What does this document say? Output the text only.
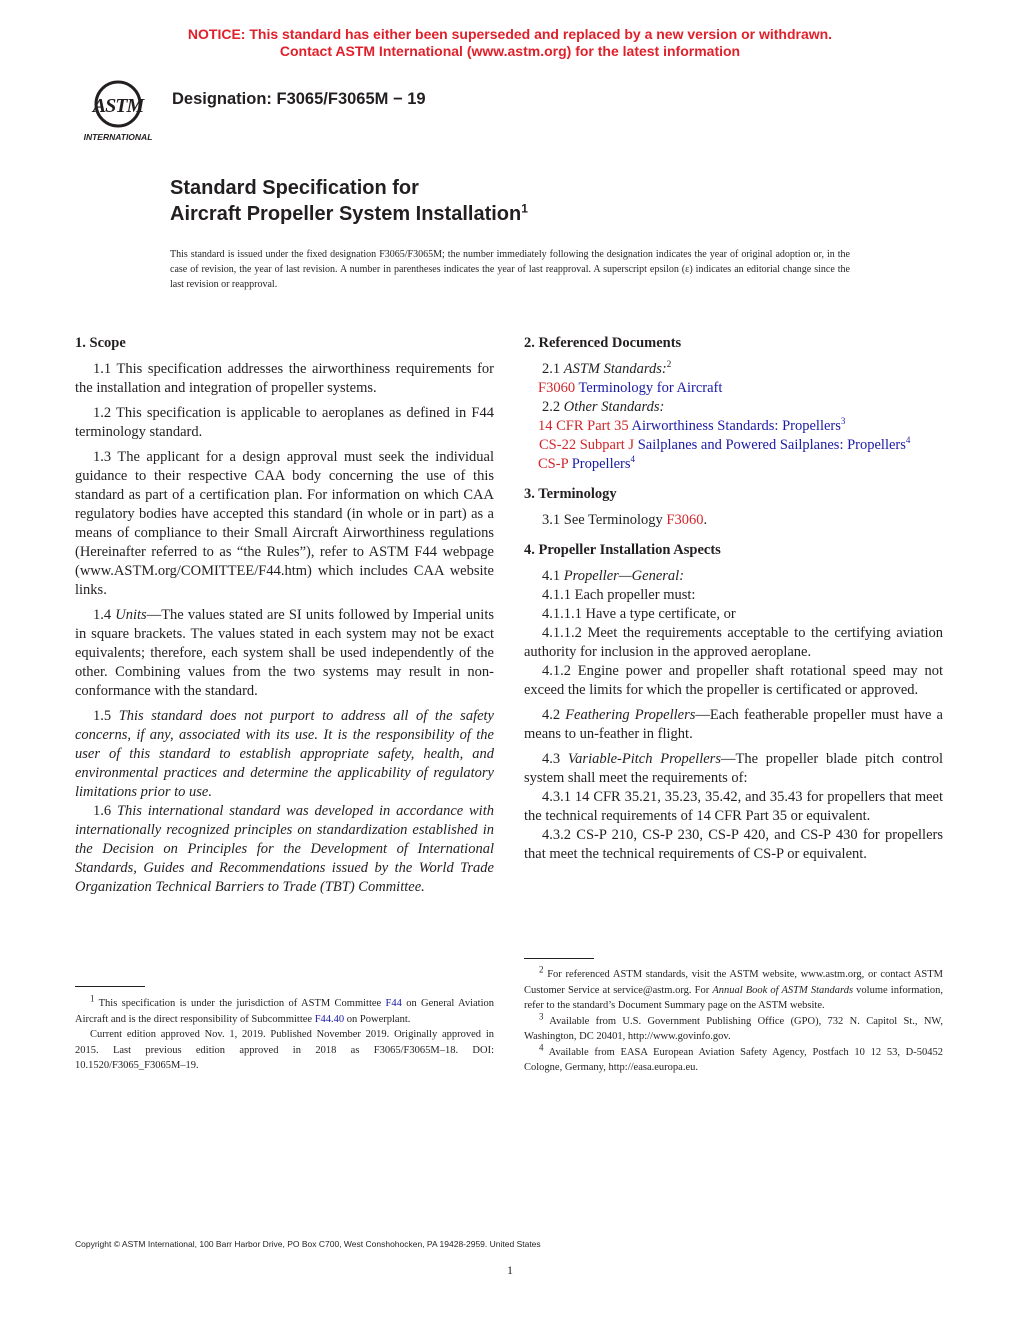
NOTICE: This standard has either been superseded and replaced by a new version or withdrawn.
Contact ASTM International (www.astm.org) for the latest information
ASTM
INTERNATIONAL
Designation: F3065/F3065M − 19
Standard Specification for
Aircraft Propeller System Installation$^1$
This standard is issued under the fixed designation F3065/F3065M; the number immediately following the designation indicates the year of original adoption or, in the case of revision, the year of last revision. A number in parentheses indicates the year of last reapproval. A superscript epsilon (ε) indicates an editorial change since the last revision or reapproval.
1. Scope

1.1 This specification addresses the airworthiness requirements for the installation and integration of propeller systems.

1.2 This specification is applicable to aeroplanes as defined in F44 terminology standard.

1.3 The applicant for a design approval must seek the individual guidance to their respective CAA body concerning the use of this standard as part of a certification plan. For information on which CAA regulatory bodies have accepted this standard (in whole or in part) as a means of compliance to their Small Aircraft Airworthiness regulations (Hereinafter referred to as “the Rules”), refer to ASTM F44 webpage (www.ASTM.org/COMITTEE/F44.htm) which includes CAA website links.

1.4 Units—The values stated are SI units followed by Imperial units in square brackets. The values stated in each system may not be exact equivalents; therefore, each system shall be used independently of the other. Combining values from the two systems may result in non-conformance with the standard.

1.5 This standard does not purport to address all of the safety concerns, if any, associated with its use. It is the responsibility of the user of this standard to establish appropriate safety, health, and environmental practices and determine the applicability of regulatory limitations prior to use.

1.6 This international standard was developed in accordance with internationally recognized principles on standardization established in the Decision on Principles for the Development of International Standards, Guides and Recommendations issued by the World Trade Organization Technical Barriers to Trade (TBT) Committee.

2. Referenced Documents

2.1 ASTM Standards:$^2$

F3060 Terminology for Aircraft

2.2 Other Standards:

14 CFR Part 35 Airworthiness Standards: Propellers$^3$
CS-22 Subpart J Sailplanes and Powered Sailplanes: Propellers$^4$
CS-P Propellers$^4$
3. Terminology

3.1 See Terminology F3060.

4. Propeller Installation Aspects

4.1 Propeller—General:

4.1.1 Each propeller must:

4.1.1.1 Have a type certificate, or

4.1.1.2 Meet the requirements acceptable to the certifying aviation authority for inclusion in the approved aeroplane.

4.1.2 Engine power and propeller shaft rotational speed may not exceed the limits for which the propeller is certificated or approved.

4.2 Feathering Propellers—Each featherable propeller must have a means to un-feather in flight.

4.3 Variable-Pitch Propellers—The propeller blade pitch control system shall meet the requirements of:

4.3.1 14 CFR 35.21, 35.23, 35.42, and 35.43 for propellers that meet the technical requirements of 14 CFR Part 35 or equivalent.

4.3.2 CS-P 210, CS-P 230, CS-P 420, and CS-P 430 for propellers that meet the technical requirements of CS-P or equivalent.

$^1$ This specification is under the jurisdiction of ASTM Committee F44 on General Aviation Aircraft and is the direct responsibility of Subcommittee F44.40 on Powerplant.

Current edition approved Nov. 1, 2019. Published November 2019. Originally approved in 2015. Last previous edition approved in 2018 as F3065/F3065M–18. DOI: 10.1520/F3065_F3065M–19.

$^2$ For referenced ASTM standards, visit the ASTM website, www.astm.org, or contact ASTM Customer Service at service@astm.org. For Annual Book of ASTM Standards volume information, refer to the standard’s Document Summary page on the ASTM website.

$^3$ Available from U.S. Government Publishing Office (GPO), 732 N. Capitol St., NW, Washington, DC 20401, http://www.govinfo.gov.

$^4$ Available from EASA European Aviation Safety Agency, Postfach 10 12 53, D-50452 Cologne, Germany, http://easa.europa.eu.

Copyright © ASTM International, 100 Barr Harbor Drive, PO Box C700, West Conshohocken, PA 19428-2959. United States
1
